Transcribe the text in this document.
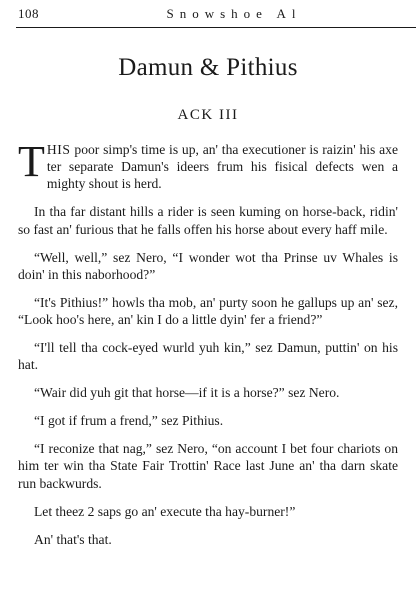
108	Snowshoe Al
Damun & Pithius
ACK III

THIS poor simp's time is up, an' tha executioner is raizin' his axe ter separate Damun's ideers frum his fisical defects wen a mighty shout is herd.

In tha far distant hills a rider is seen kuming on horse-back, ridin' so fast an' furious that he falls offen his horse about every haff mile.

“Well, well,” sez Nero, “I wonder wot tha Prinse uv Whales is doin' in this naborhood?”

“It's Pithius!” howls tha mob, an' purty soon he gallups up an' sez, “Look hoo's here, an' kin I do a little dyin' fer a friend?”

“I'll tell tha cock-eyed wurld yuh kin,” sez Damun, puttin' on his hat.

“Wair did yuh git that horse—if it is a horse?” sez Nero.

“I got if frum a frend,” sez Pithius.

“I reconize that nag,” sez Nero, “on account I bet four chariots on him ter win tha State Fair Trottin' Race last June an' tha darn skate run backwurds.

Let theez 2 saps go an' execute tha hay-burner!”

An' that's that.
